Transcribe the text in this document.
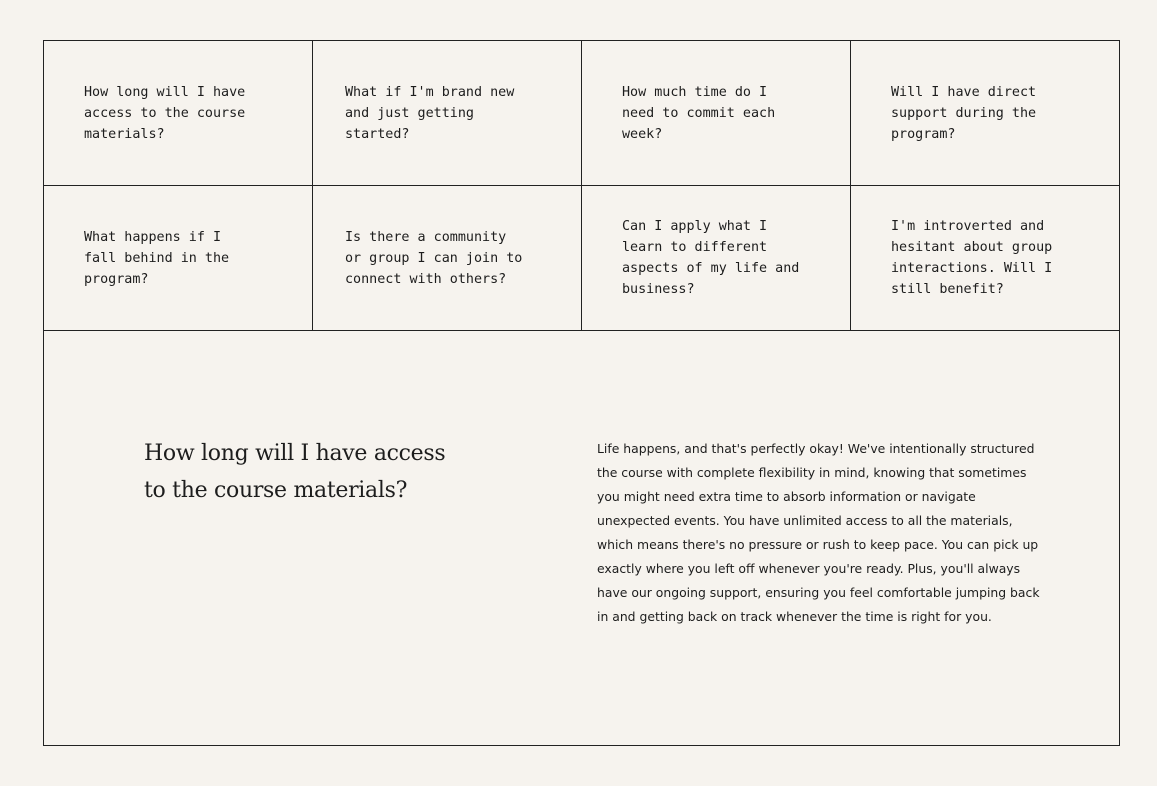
How long will I have
access to the course
materials?
What if I'm brand new
and just getting
started?
How much time do I
need to commit each
week?
Will I have direct
support during the
program?
What happens if I
fall behind in the
program?
Is there a community
or group I can join to
connect with others?
Can I apply what I
learn to different
aspects of my life and
business?
I'm introverted and
hesitant about group
interactions. Will I
still benefit?
How long will I have access to the course materials?

Life happens, and that's perfectly okay! We've intentionally structured the course with complete flexibility in mind, knowing that sometimes you might need extra time to absorb information or navigate unexpected events. You have unlimited access to all the materials, which means there's no pressure or rush to keep pace. You can pick up exactly where you left off whenever you're ready. Plus, you'll always have our ongoing support, ensuring you feel comfortable jumping back in and getting back on track whenever the time is right for you.
